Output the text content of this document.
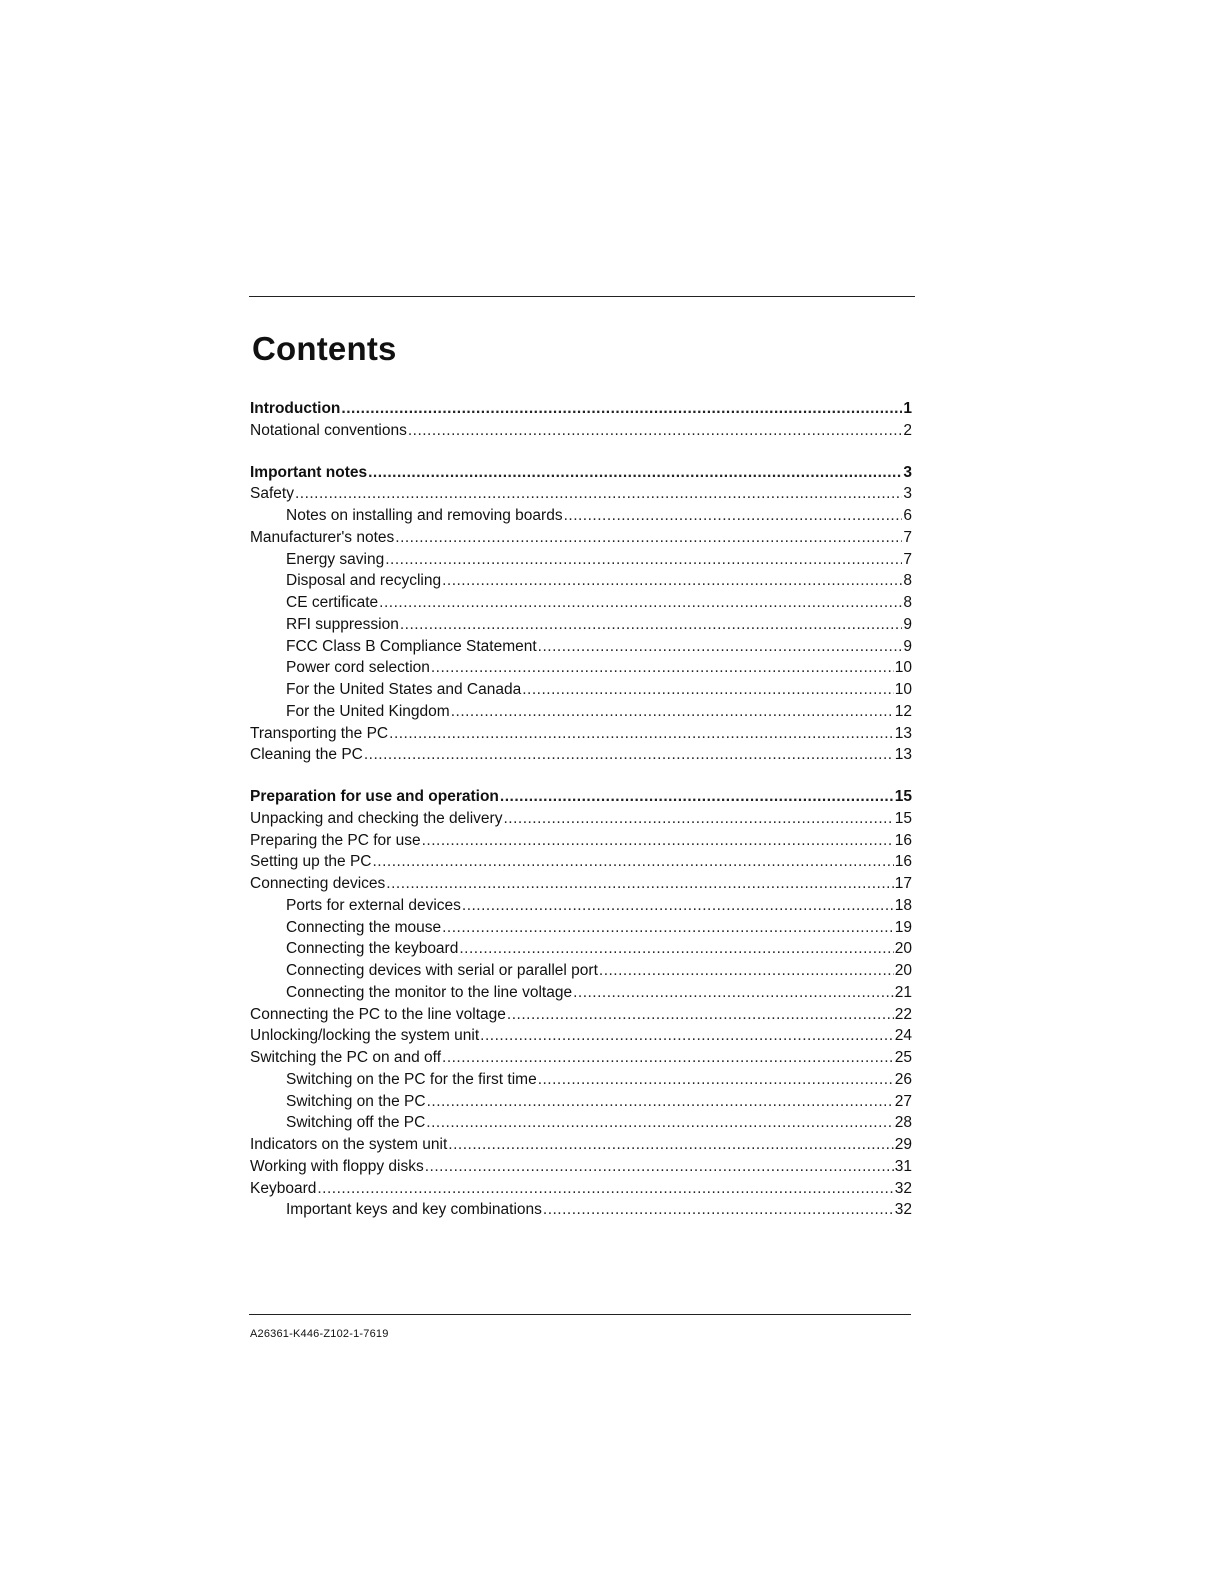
Contents
Introduction .....	1
Notational conventions .....	2
Important notes .....	3
Safety .....	3
Notes on installing and removing boards .....	6
Manufacturer's notes .....	7
Energy saving .....	7
Disposal and recycling .....	8
CE certificate .....	8
RFI suppression .....	9
FCC Class B Compliance Statement .....	9
Power cord selection .....	10
For the United States and Canada .....	10
For the United Kingdom .....	12
Transporting the PC .....	13
Cleaning the PC .....	13
Preparation for use and operation .....	15
Unpacking and checking the delivery .....	15
Preparing the PC for use .....	16
Setting up the PC .....	16
Connecting devices .....	17
Ports for external devices .....	18
Connecting the mouse .....	19
Connecting the keyboard .....	20
Connecting devices with serial or parallel port .....	20
Connecting the monitor to the line voltage .....	21
Connecting the PC to the line voltage .....	22
Unlocking/locking the system unit .....	24
Switching the PC on and off .....	25
Switching on the PC for the first time .....	26
Switching on the PC .....	27
Switching off the PC .....	28
Indicators on the system unit .....	29
Working with floppy disks .....	31
Keyboard .....	32
Important keys and key combinations .....	32
A26361-K446-Z102-1-7619
